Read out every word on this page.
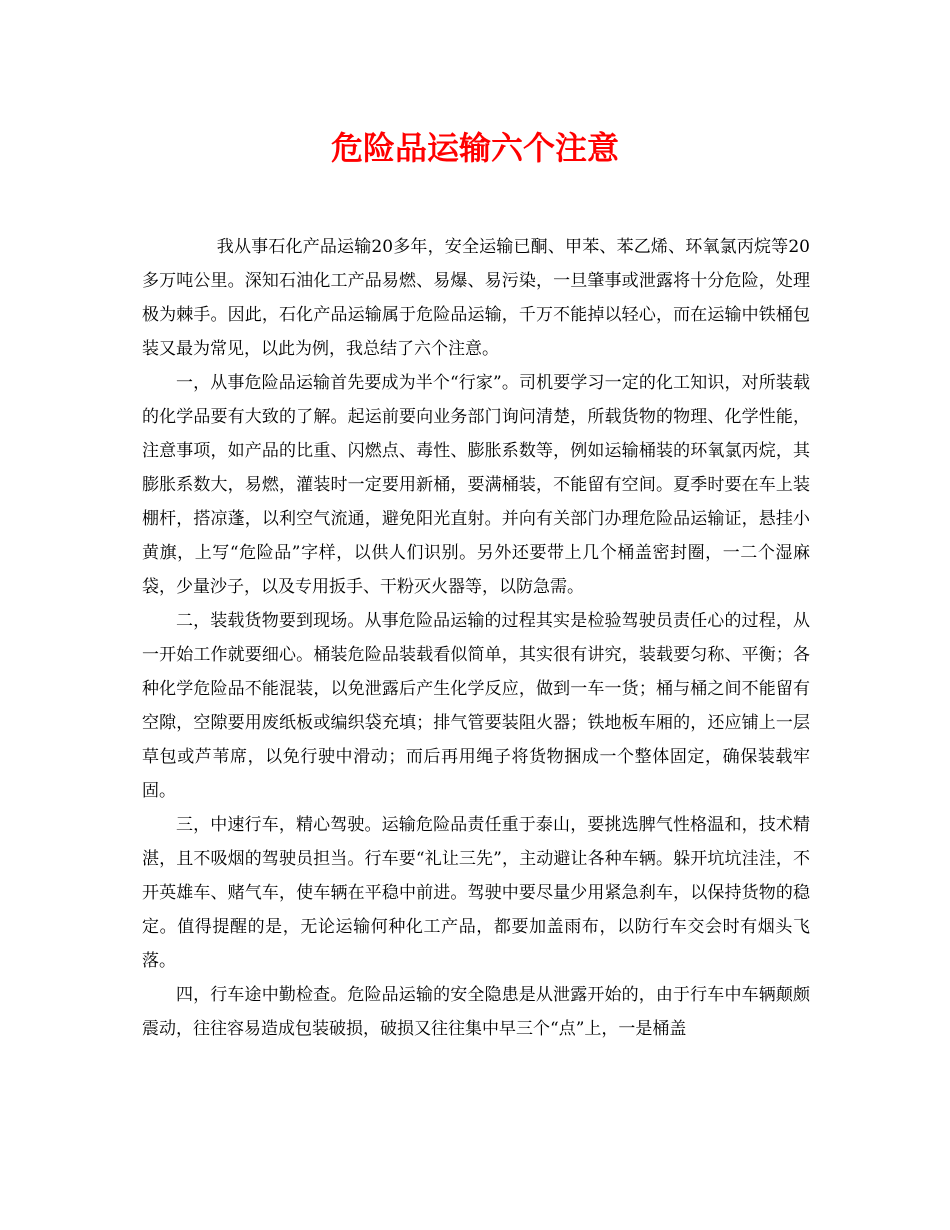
危险品运输六个注意

我从事石化产品运输20多年，安全运输已酮、甲苯、苯乙烯、环氧氯丙烷等20多万吨公里。深知石油化工产品易燃、易爆、易污染，一旦肇事或泄露将十分危险，处理极为棘手。因此，石化产品运输属于危险品运输，千万不能掉以轻心，而在运输中铁桶包装又最为常见，以此为例，我总结了六个注意。

一，从事危险品运输首先要成为半个“行家”。司机要学习一定的化工知识，对所装载的化学品要有大致的了解。起运前要向业务部门询问清楚，所载货物的物理、化学性能，注意事项，如产品的比重、闪燃点、毒性、膨胀系数等，例如运输桶装的环氧氯丙烷，其膨胀系数大，易燃，灌装时一定要用新桶，要满桶装，不能留有空间。夏季时要在车上装棚杆，搭凉蓬，以利空气流通，避免阳光直射。并向有关部门办理危险品运输证，悬挂小黄旗，上写“危险品”字样，以供人们识别。另外还要带上几个桶盖密封圈，一二个湿麻袋，少量沙子，以及专用扳手、干粉灭火器等，以防急需。

二，装载货物要到现场。从事危险品运输的过程其实是检验驾驶员责任心的过程，从一开始工作就要细心。桶装危险品装载看似简单，其实很有讲究，装载要匀称、平衡；各种化学危险品不能混装，以免泄露后产生化学反应，做到一车一货；桶与桶之间不能留有空隙，空隙要用废纸板或编织袋充填；排气管要装阻火器；铁地板车厢的，还应铺上一层草包或芦苇席，以免行驶中滑动；而后再用绳子将货物捆成一个整体固定，确保装载牢固。

三，中速行车，精心驾驶。运输危险品责任重于泰山，要挑选脾气性格温和，技术精湛，且不吸烟的驾驶员担当。行车要“礼让三先”，主动避让各种车辆。躲开坑坑洼洼，不开英雄车、赌气车，使车辆在平稳中前进。驾驶中要尽量少用紧急刹车，以保持货物的稳定。值得提醒的是，无论运输何种化工产品，都要加盖雨布，以防行车交会时有烟头飞落。

四，行车途中勤检查。危险品运输的安全隐患是从泄露开始的，由于行车中车辆颠颇震动，往往容易造成包装破损，破损又往往集中早三个“点”上，一是桶盖
